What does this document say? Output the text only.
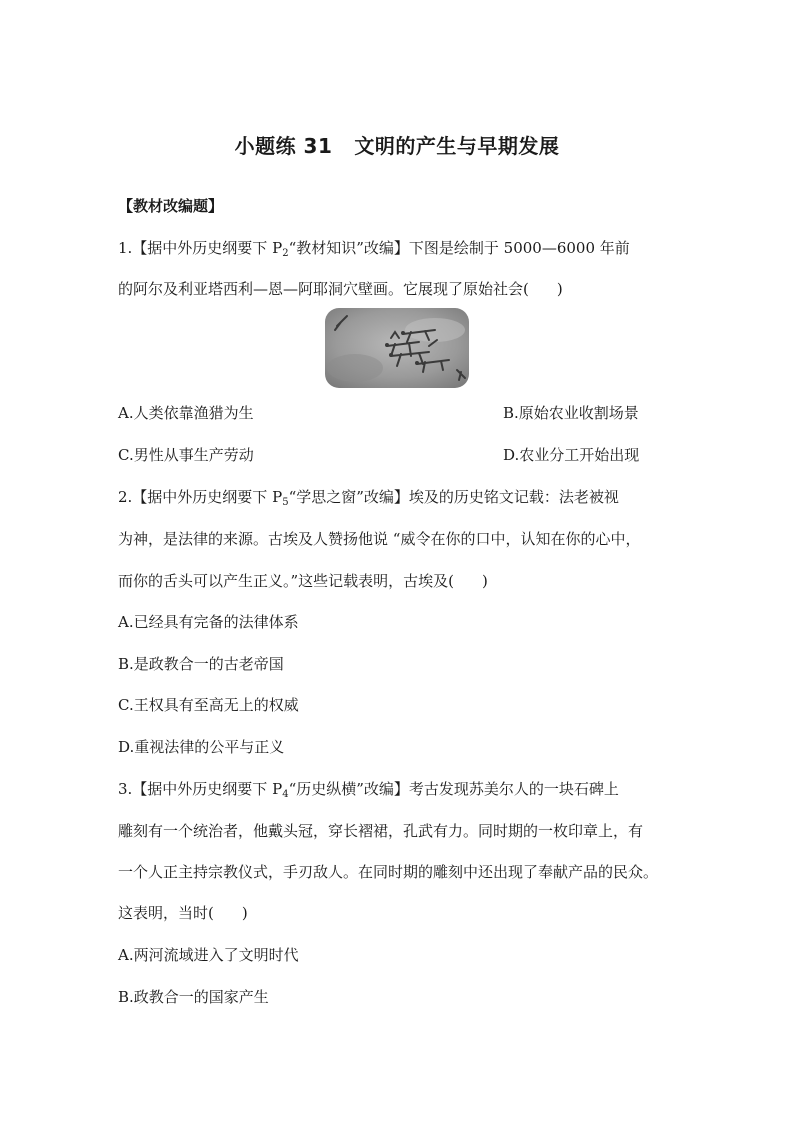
小题练 31 文明的产生与早期发展
【教材改编题】
1.【据中外历史纲要下 $P_2“$教材知识”改编】下图是绘制于 5000—6000 年前
的阿尔及利亚塔西利—恩—阿耶洞穴壁画。它展现了原始社会( )
A.人类依靠渔猎为生	B.原始农业收割场景
C.男性从事生产劳动	D.农业分工开始出现
2.【据中外历史纲要下 $P_5“$学思之窗”改编】埃及的历史铭文记载：法老被视
为神，是法律的来源。古埃及人赞扬他说 “威令在你的口中，认知在你的心中，
而你的舌头可以产生正义。”这些记载表明，古埃及( )
A.已经具有完备的法律体系
B.是政教合一的古老帝国
C.王权具有至高无上的权威
D.重视法律的公平与正义
3.【据中外历史纲要下 $P_4“$历史纵横”改编】考古发现苏美尔人的一块石碑上
雕刻有一个统治者，他戴头冠，穿长褶裙，孔武有力。同时期的一枚印章上，有
一个人正主持宗教仪式，手刃敌人。在同时期的雕刻中还出现了奉献产品的民众。
这表明，当时( )
A.两河流域进入了文明时代
B.政教合一的国家产生
